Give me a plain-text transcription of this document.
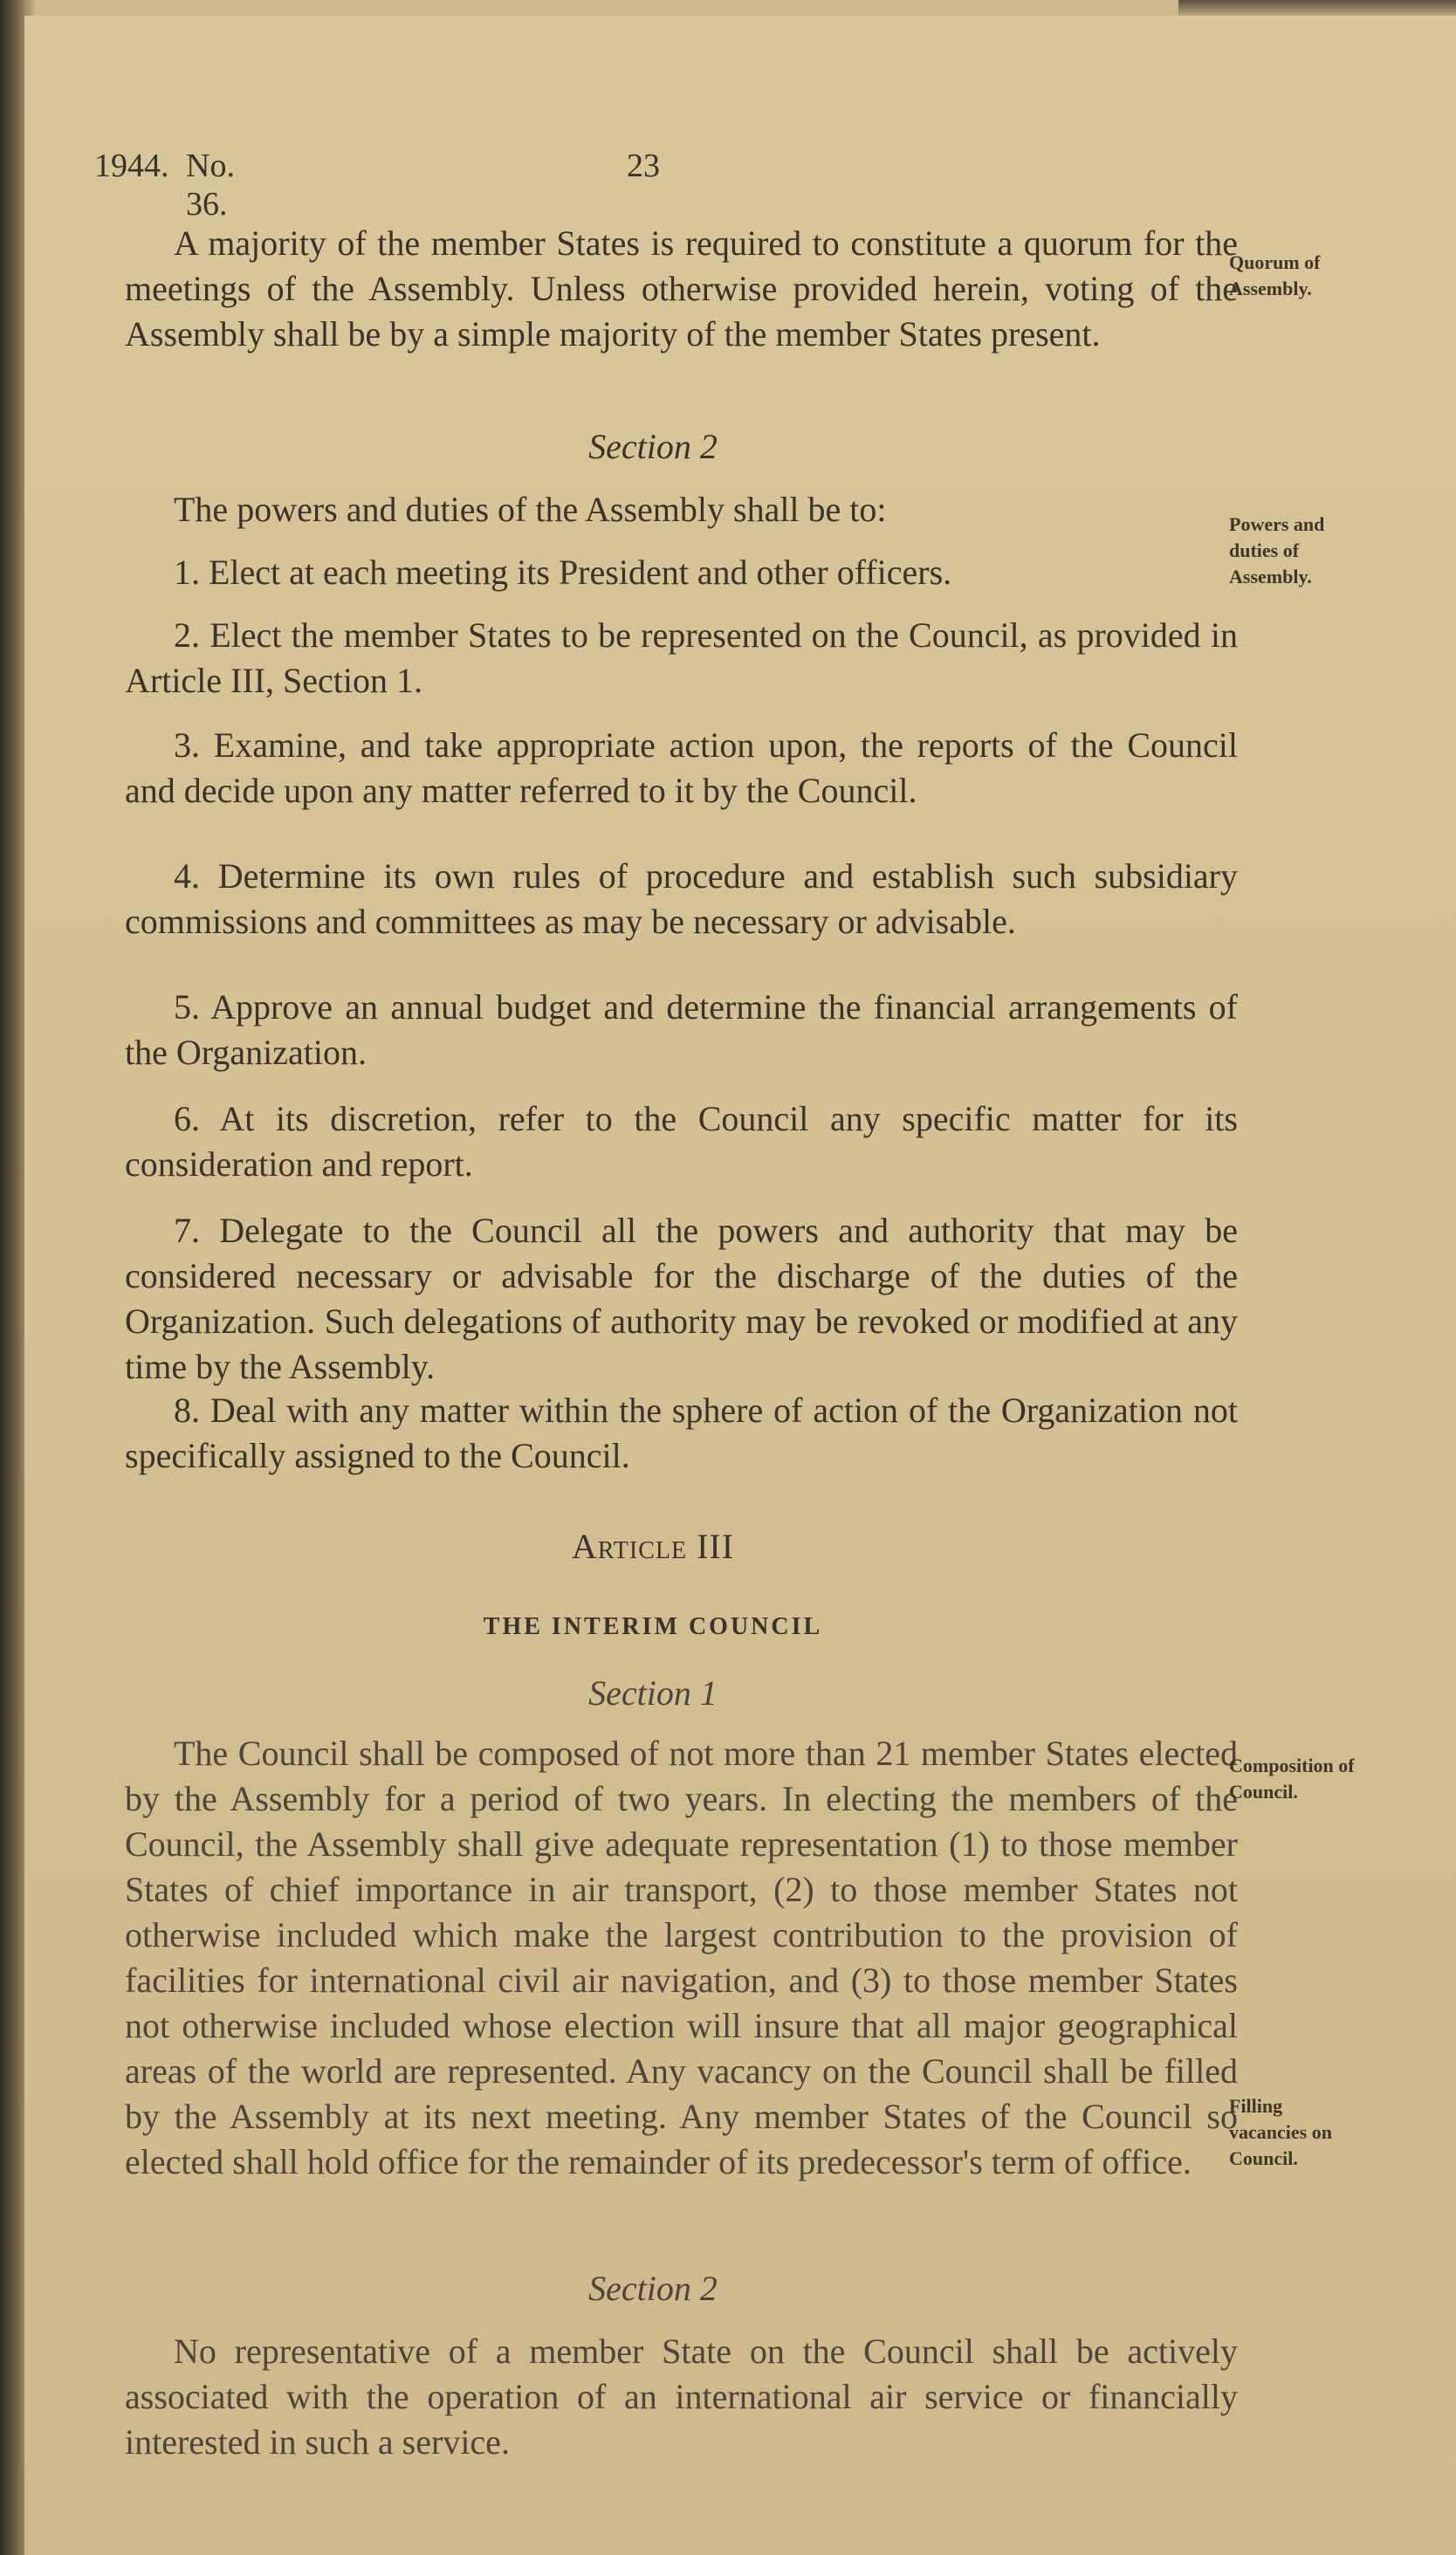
1944. No. 36.
23

A majority of the member States is required to constitute a quorum for the meetings of the Assembly. Unless otherwise provided herein, voting of the Assembly shall be by a simple majority of the member States present.

Quorum of Assembly.

Section 2

The powers and duties of the Assembly shall be to:	Powers and duties of Assembly.

1. Elect at each meeting its President and other officers.

2. Elect the member States to be represented on the Council, as provided in Article III, Section 1.

3. Examine, and take appropriate action upon, the reports of the Council and decide upon any matter referred to it by the Council.

4. Determine its own rules of procedure and establish such subsidiary commissions and committees as may be necessary or advisable.

5. Approve an annual budget and determine the financial arrangements of the Organization.

6. At its discretion, refer to the Council any specific matter for its consideration and report.

7. Delegate to the Council all the powers and authority that may be considered necessary or advisable for the discharge of the duties of the Organization. Such delegations of authority may be revoked or modified at any time by the Assembly.

8. Deal with any matter within the sphere of action of the Organization not specifically assigned to the Council.

Article III

THE INTERIM COUNCIL

Section 1

The Council shall be composed of not more than 21 member States elected by the Assembly for a period of two years. In electing the members of the Council, the Assembly shall give adequate representation (1) to those member States of chief importance in air transport, (2) to those member States not otherwise included which make the largest contribution to the provision of facilities for international civil air navigation, and (3) to those member States not otherwise included whose election will insure that all major geographical areas of the world are represented. Any vacancy on the Council shall be filled by the Assembly at its next meeting. Any member States of the Council so elected shall hold office for the remainder of its predecessor's term of office.

Composition of Council.
Filling vacancies on Council.

Section 2

No representative of a member State on the Council shall be actively associated with the operation of an international air service or financially interested in such a service.
